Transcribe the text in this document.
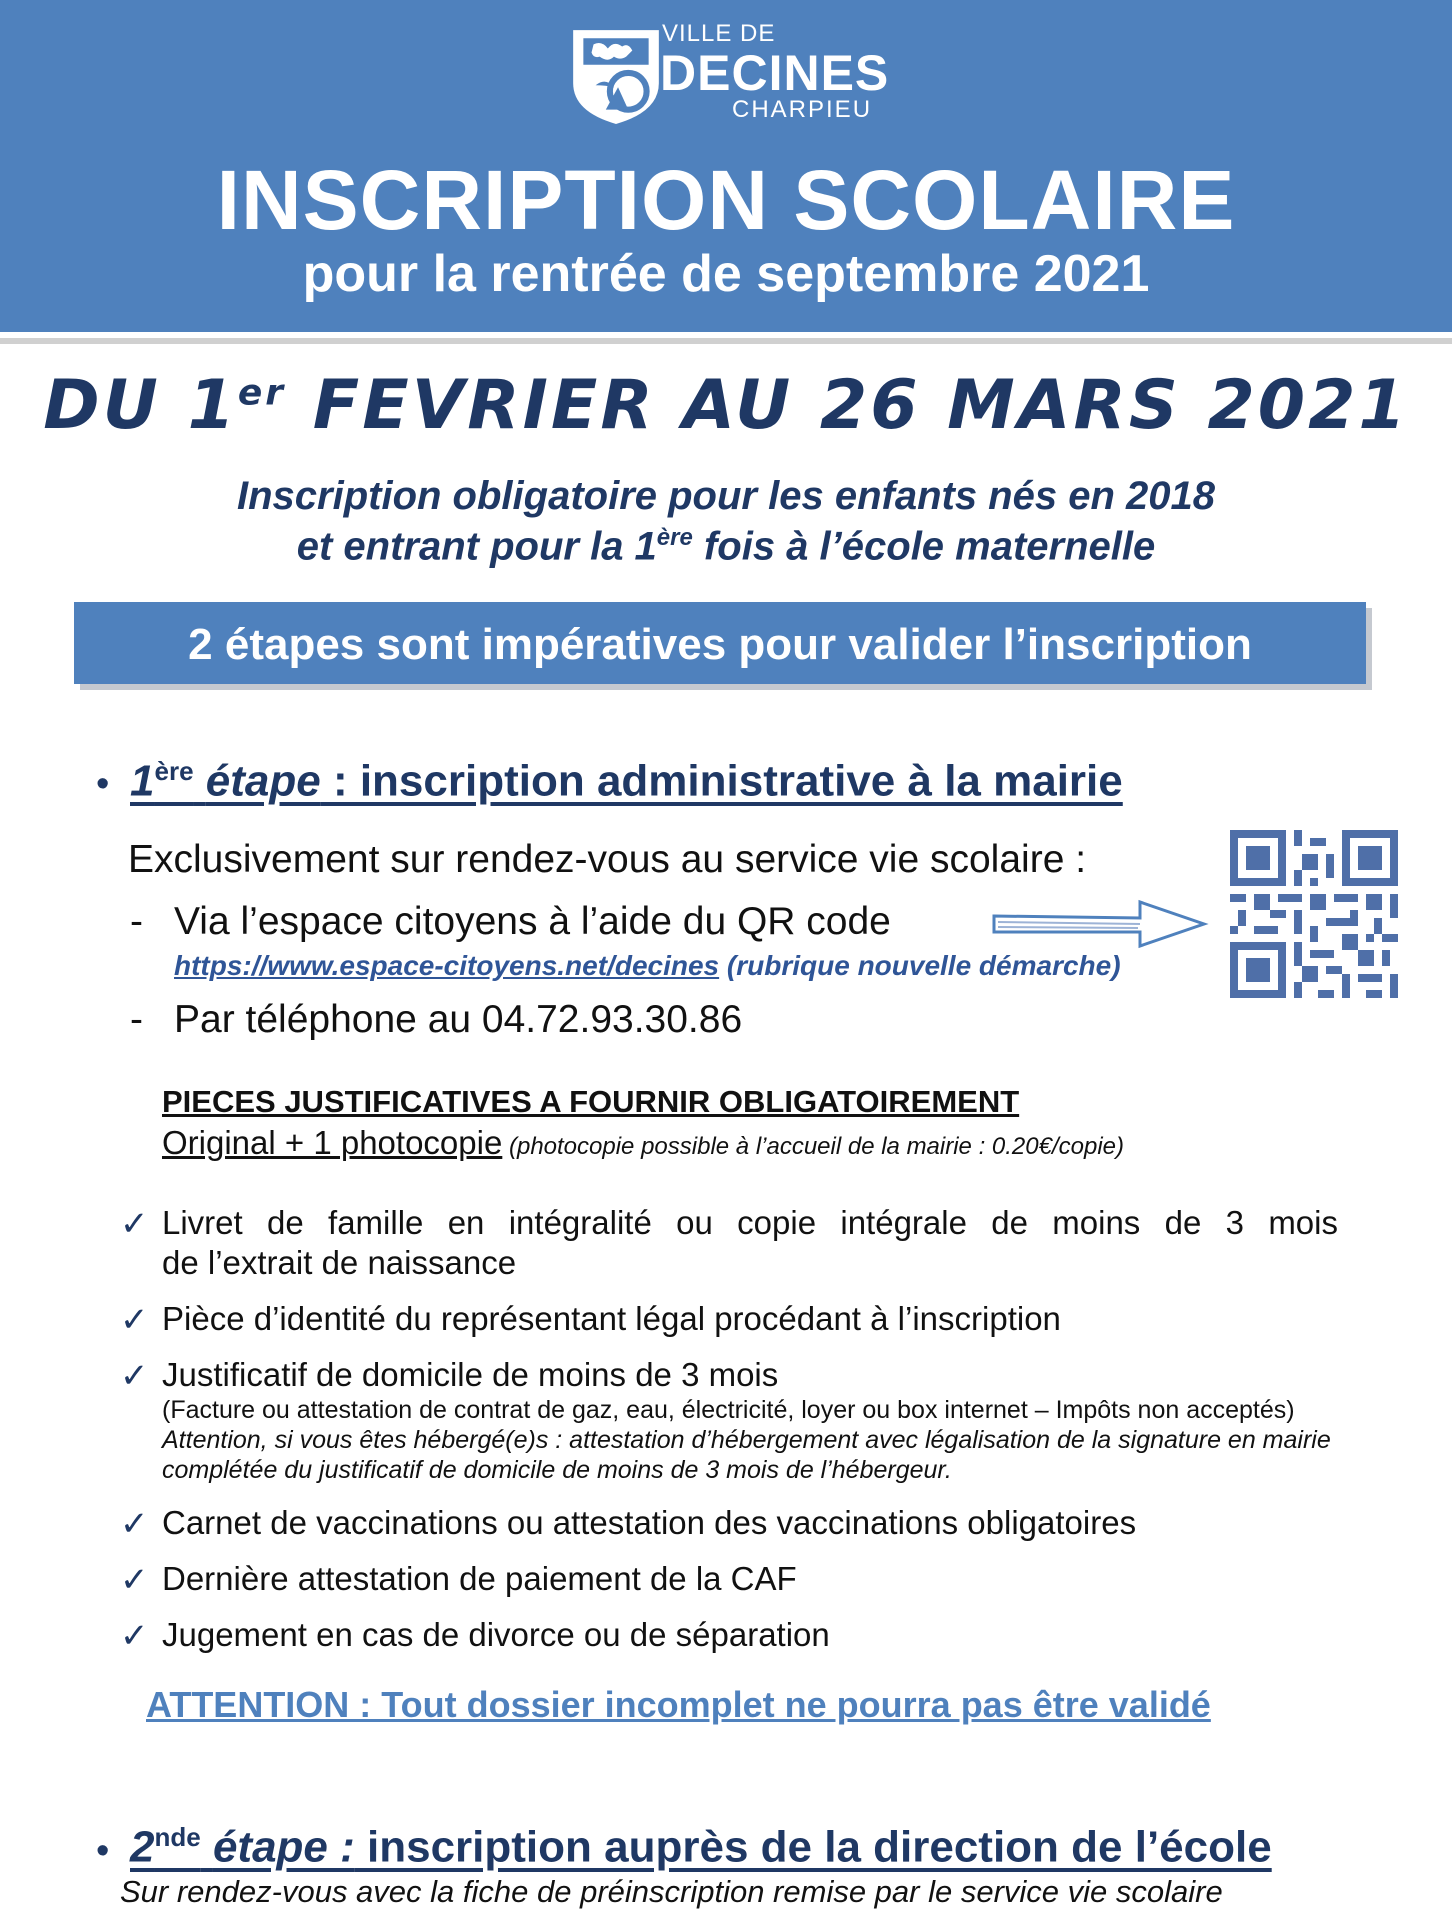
VILLE DE
DECINES
CHARPIEU
INSCRIPTION SCOLAIRE
pour la rentrée de septembre 2021
DU 1er FEVRIER AU 26 MARS 2021
Inscription obligatoire pour les enfants nés en 2018
et entrant pour la 1ère fois à l’école maternelle
2 étapes sont impératives pour valider l’inscription
• 1ère étape : inscription administrative à la mairie
Exclusivement sur rendez-vous au service vie scolaire :
- Via l’espace citoyens à l’aide du QR code
https://www.espace-citoyens.net/decines (rubrique nouvelle démarche)
- Par téléphone au 04.72.93.30.86
PIECES JUSTIFICATIVES A FOURNIR OBLIGATOIREMENT
Original + 1 photocopie (photocopie possible à l’accueil de la mairie : 0.20€/copie)
✓ Livret de famille en intégralité ou copie intégrale de moins de 3 mois
de l’extrait de naissance
✓ Pièce d’identité du représentant légal procédant à l’inscription
✓ Justificatif de domicile de moins de 3 mois
(Facture ou attestation de contrat de gaz, eau, électricité, loyer ou box internet – Impôts non acceptés)
Attention, si vous êtes hébergé(e)s : attestation d’hébergement avec légalisation de la signature en mairie
complétée du justificatif de domicile de moins de 3 mois de l’hébergeur.
✓ Carnet de vaccinations ou attestation des vaccinations obligatoires
✓ Dernière attestation de paiement de la CAF
✓ Jugement en cas de divorce ou de séparation
ATTENTION : Tout dossier incomplet ne pourra pas être validé
• 2nde étape : inscription auprès de la direction de l’école
Sur rendez-vous avec la fiche de préinscription remise par le service vie scolaire
